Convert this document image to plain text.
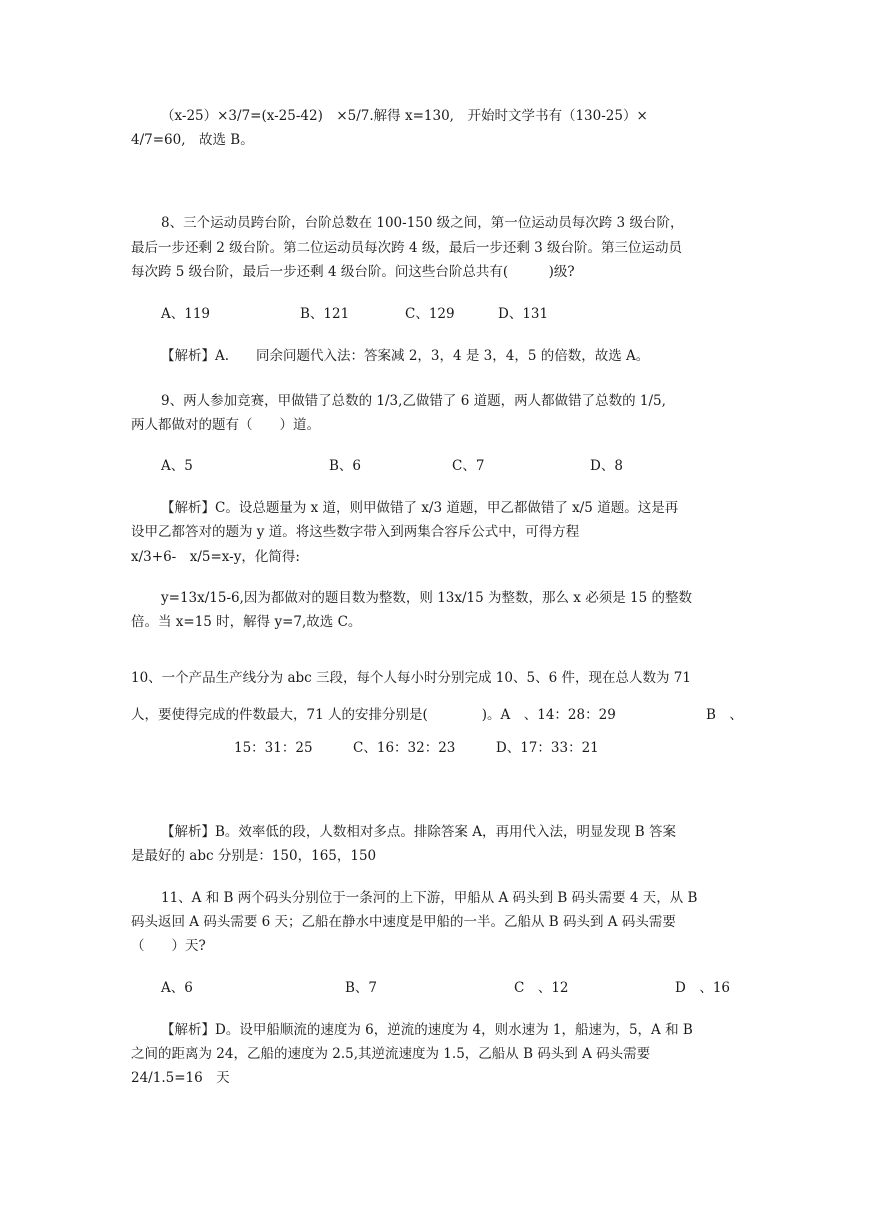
（x-25）×3/7=(x-25-42)　×5/7.解得 x=130,　开始时文学书有（130-25）×
4/7=60,　故选 B。
8、三个运动员跨台阶，台阶总数在 100-150 级之间，第一位运动员每次跨 3 级台阶，
最后一步还剩 2 级台阶。第二位运动员每次跨 4 级，最后一步还剩 3 级台阶。第三位运动员
每次跨 5 级台阶，最后一步还剩 4 级台阶。问这些台阶总共有(　　　)级?
A、119	B、121	C、129	D、131
【解析】A.　　同余问题代入法：答案减 2，3，4 是 3，4，5 的倍数，故选 A。
9、两人参加竞赛，甲做错了总数的 1/3,乙做错了 6 道题，两人都做错了总数的 1/5,
两人都做对的题有（　　）道。
A、5	B、6	C、7	D、8
【解析】C。设总题量为 x 道，则甲做错了 x/3 道题，甲乙都做错了 x/5 道题。这是再
设甲乙都答对的题为 y 道。将这些数字带入到两集合容斥公式中，可得方程
x/3+6-　x/5=x-y，化简得:
y=13x/15-6,因为都做对的题目数为整数，则 13x/15 为整数，那么 x 必须是 15 的整数
倍。当 x=15 时，解得 y=7,故选 C。
10、一个产品生产线分为 abc 三段，每个人每小时分别完成 10、5、6 件，现在总人数为 71
人，要使得完成的件数最大，71 人的安排分别是(　　　　)。A　、14：28：29	B　、
15：31：25　　　C、16：32：23　　　D、17：33：21
【解析】B。效率低的段，人数相对多点。排除答案 A，再用代入法，明显发现 B 答案
是最好的 abc 分别是：150，165，150
11、A 和 B 两个码头分别位于一条河的上下游，甲船从 A 码头到 B 码头需要 4 天，从 B
码头返回 A 码头需要 6 天；乙船在静水中速度是甲船的一半。乙船从 B 码头到 A 码头需要
（　　）天?
A、6	B、7	C　、12	D　、16
【解析】D。设甲船顺流的速度为 6，逆流的速度为 4，则水速为 1，船速为，5，A 和 B
之间的距离为 24，乙船的速度为 2.5,其逆流速度为 1.5，乙船从 B 码头到 A 码头需要
24/1.5=16　天
